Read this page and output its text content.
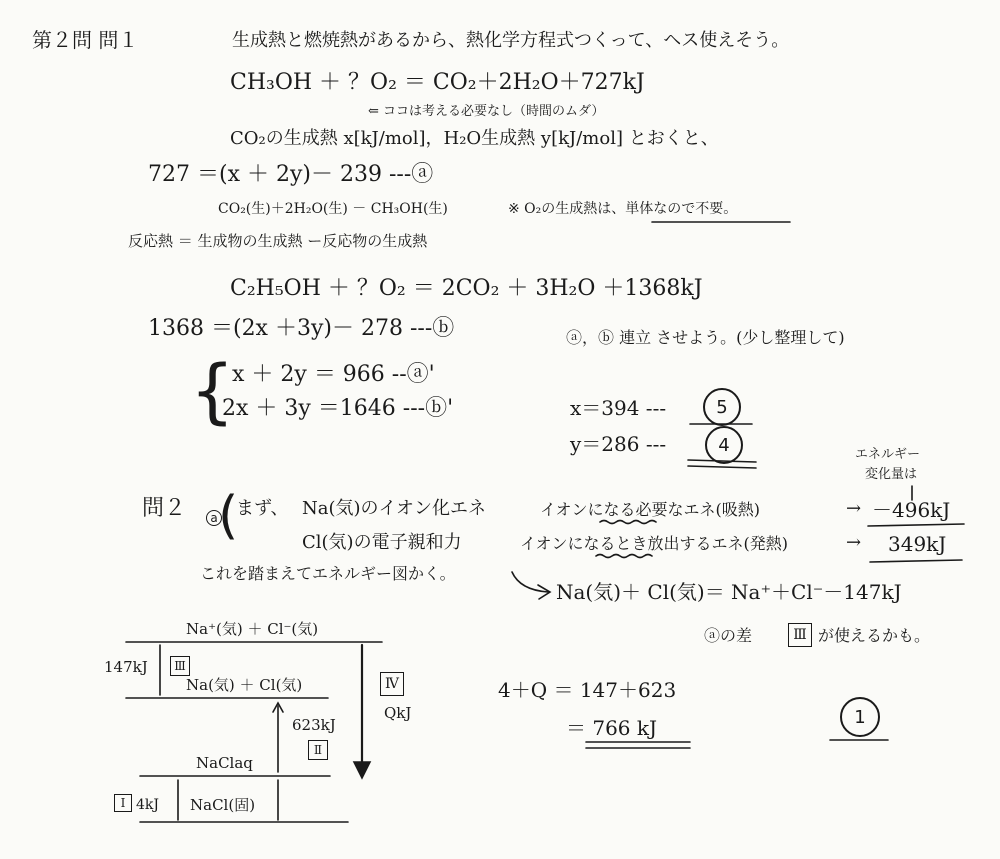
第２問 問１	生成熱と燃焼熱があるから、熱化学方程式つくって、ヘス使えそう。
CH₃OH ＋ ？O₂ ＝ CO₂＋2H₂O＋727kJ
⇐ ココは考える必要なし（時間のムダ）
CO₂の生成熱 x[kJ/mol]，H₂O生成熱 y[kJ/mol] とおくと、
727 ＝(x ＋ 2y)－ 239 ---ⓐ
CO₂(生)＋2H₂O(生) － CH₃OH(生)	※ O₂の生成熱は、単体なので不要。
反応熱 ＝ 生成物の生成熱 ー反応物の生成熱
C₂H₅OH ＋ ？O₂ ＝ 2CO₂ ＋ 3H₂O ＋1368kJ
1368 ＝(2x ＋3y)－ 278 ---ⓑ	ⓐ，ⓑ 連立 させよう。(少し整理して)
{
x ＋ 2y ＝ 966 --ⓐ'
2x ＋ 3y ＝1646 ---ⓑ'	x＝394 ---	5
y＝286 ---	4
問２	a (
まず、 Na(気)のイオン化エネ	イオンになる必要なエネ(吸熱)
Cl(気)の電子親和力	イオンになるとき放出するエネ(発熱)
エネルギー
変化量は
→
→
－496kJ
349kJ
これを踏まえてエネルギー図かく。
Na(気)＋ Cl(気)＝ Na⁺＋Cl⁻－147kJ
ⓐの差	Ⅲ が使えるかも。
4＋Q ＝ 147＋623
＝ 766 kJ	1
Na⁺(気) ＋ Cl⁻(気)
Na(気) ＋ Cl(気)
NaClaq
NaCl(固)
147kJ
623kJ
4kJ
QkJ
Ⅰ
Ⅱ
Ⅲ
Ⅳ
